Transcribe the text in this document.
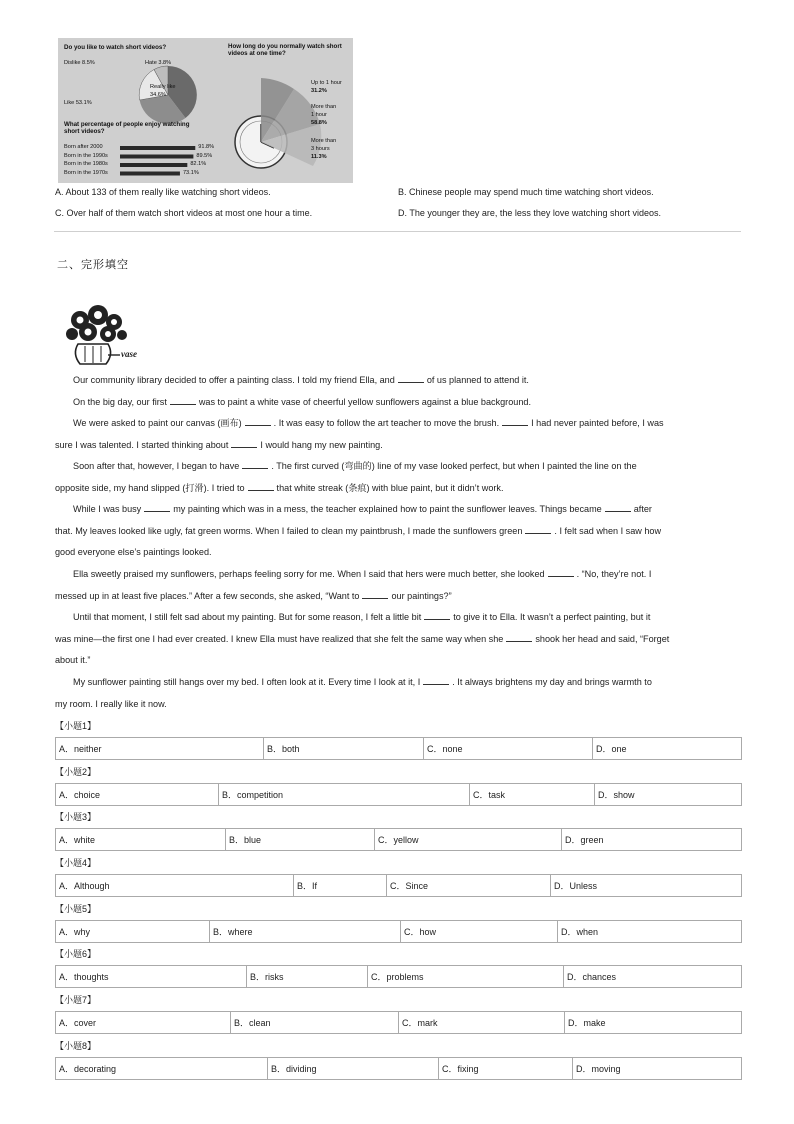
Do you like to watch short videos?
Dislike 8.5%	Hate 3.8%
Really like
34.6%
Like 53.1%
How long do you normally watch short videos at one time?
Up to 1 hour
31.2%
More than
1 hour
58.8%
More than
3 hours
11.3%
What percentage of people enjoy watching short videos?
Born after 2000	91.8%
Born in the 1990s	89.5%
Born in the 1980s	82.1%
Born in the 1970s	73.1%
A. About 133 of them really like watching short videos.	B. Chinese people may spend much time watching short videos.
C. Over half of them watch short videos at most one hour a time.	D. The younger they are, the less they love watching short videos.
二、完形填空
vase
Our community library decided to offer a painting class. I told my friend Ella, and	of us planned to attend it.
On the big day, our first	was to paint a white vase of cheerful yellow sunflowers against a blue background.
We were asked to paint our canvas (画布)	. It was easy to follow the art teacher to move the brush.	I had never painted before, I was
sure I was talented. I started thinking about	I would hang my new painting.
Soon after that, however, I began to have	. The first curved (弯曲的) line of my vase looked perfect, but when I painted the line on the
opposite side, my hand slipped (打滑). I tried to	that white streak (条痕) with blue paint, but it didn’t work.
While I was busy	my painting which was in a mess, the teacher explained how to paint the sunflower leaves. Things became	after
that. My leaves looked like ugly, fat green worms. When I failed to clean my paintbrush, I made the sunflowers green	. I felt sad when I saw how
good everyone else’s paintings looked.
Ella sweetly praised my sunflowers, perhaps feeling sorry for me. When I said that hers were much better, she looked	. “No, they’re not. I
messed up in at least five places.” After a few seconds, she asked, “Want to	our paintings?”
Until that moment, I still felt sad about my painting. But for some reason, I felt a little bit	to give it to Ella. It wasn’t a perfect painting, but it
was mine—the first one I had ever created. I knew Ella must have realized that she felt the same way when she	shook her head and said, “Forget
about it.”
My sunflower painting still hangs over my bed. I often look at it. Every time I look at it, I	. It always brightens my day and brings warmth to
my room. I really like it now.
【小题1】
A．neither	B．both	C．none	D．one
【小题2】
A．choice	B．competition	C．task	D．show
【小题3】
A．white	B．blue	C．yellow	D．green
【小题4】
A．Although	B．If	C．Since	D．Unless
【小题5】
A．why	B．where	C．how	D．when
【小题6】
A．thoughts	B．risks	C．problems	D．chances
【小题7】
A．cover	B．clean	C．mark	D．make
【小题8】
A．decorating	B．dividing	C．fixing	D．moving
